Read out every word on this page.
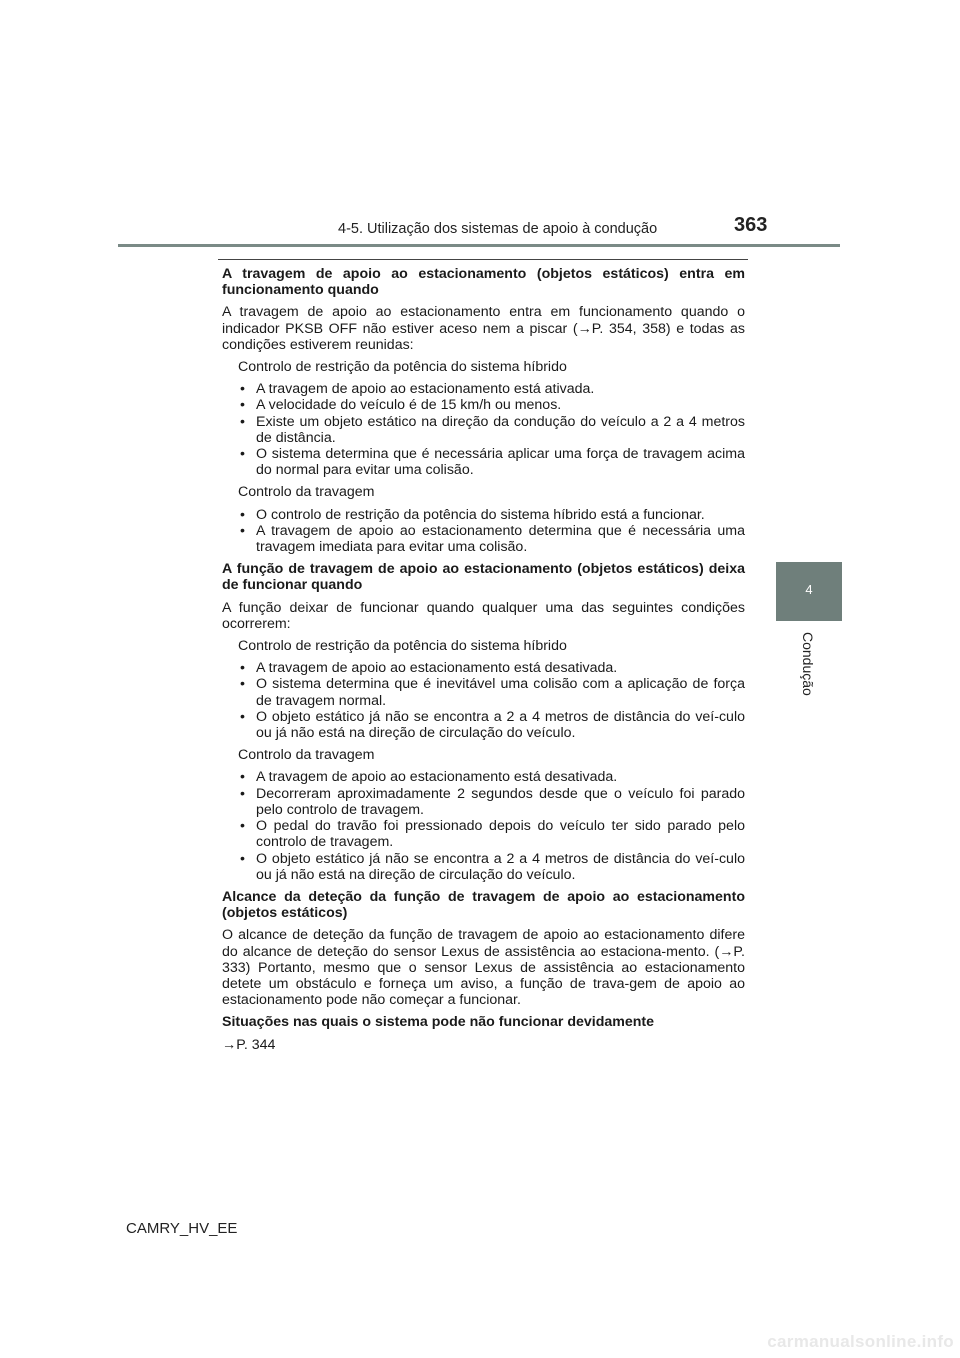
4-5. Utilização dos sistemas de apoio à condução	363
4
Condução

A travagem de apoio ao estacionamento (objetos estáticos) entra em funcionamento quando

A travagem de apoio ao estacionamento entra em funcionamento quando o indicador PKSB OFF não estiver aceso nem a piscar (→P. 354, 358) e todas as condições estiverem reunidas:

Controlo de restrição da potência do sistema híbrido

• A travagem de apoio ao estacionamento está ativada.
• A velocidade do veículo é de 15 km/h ou menos.
• Existe um objeto estático na direção da condução do veículo a 2 a 4 metros de distância.
• O sistema determina que é necessária aplicar uma força de travagem acima do normal para evitar uma colisão.

Controlo da travagem

• O controlo de restrição da potência do sistema híbrido está a funcionar.
• A travagem de apoio ao estacionamento determina que é necessária uma travagem imediata para evitar uma colisão.

A função de travagem de apoio ao estacionamento (objetos estáticos) deixa de funcionar quando

A função deixar de funcionar quando qualquer uma das seguintes condições ocorrerem:

Controlo de restrição da potência do sistema híbrido

• A travagem de apoio ao estacionamento está desativada.
• O sistema determina que é inevitável uma colisão com a aplicação de força de travagem normal.
• O objeto estático já não se encontra a 2 a 4 metros de distância do veí-culo ou já não está na direção de circulação do veículo.

Controlo da travagem

• A travagem de apoio ao estacionamento está desativada.
• Decorreram aproximadamente 2 segundos desde que o veículo foi parado pelo controlo de travagem.
• O pedal do travão foi pressionado depois do veículo ter sido parado pelo controlo de travagem.
• O objeto estático já não se encontra a 2 a 4 metros de distância do veí-culo ou já não está na direção de circulação do veículo.

Alcance da deteção da função de travagem de apoio ao estacionamento (objetos estáticos)

O alcance de deteção da função de travagem de apoio ao estacionamento difere do alcance de deteção do sensor Lexus de assistência ao estaciona-mento. (→P. 333) Portanto, mesmo que o sensor Lexus de assistência ao estacionamento detete um obstáculo e forneça um aviso, a função de trava-gem de apoio ao estacionamento pode não começar a funcionar.

Situações nas quais o sistema pode não funcionar devidamente

→P. 344

CAMRY_HV_EE
carmanualsonline.info
